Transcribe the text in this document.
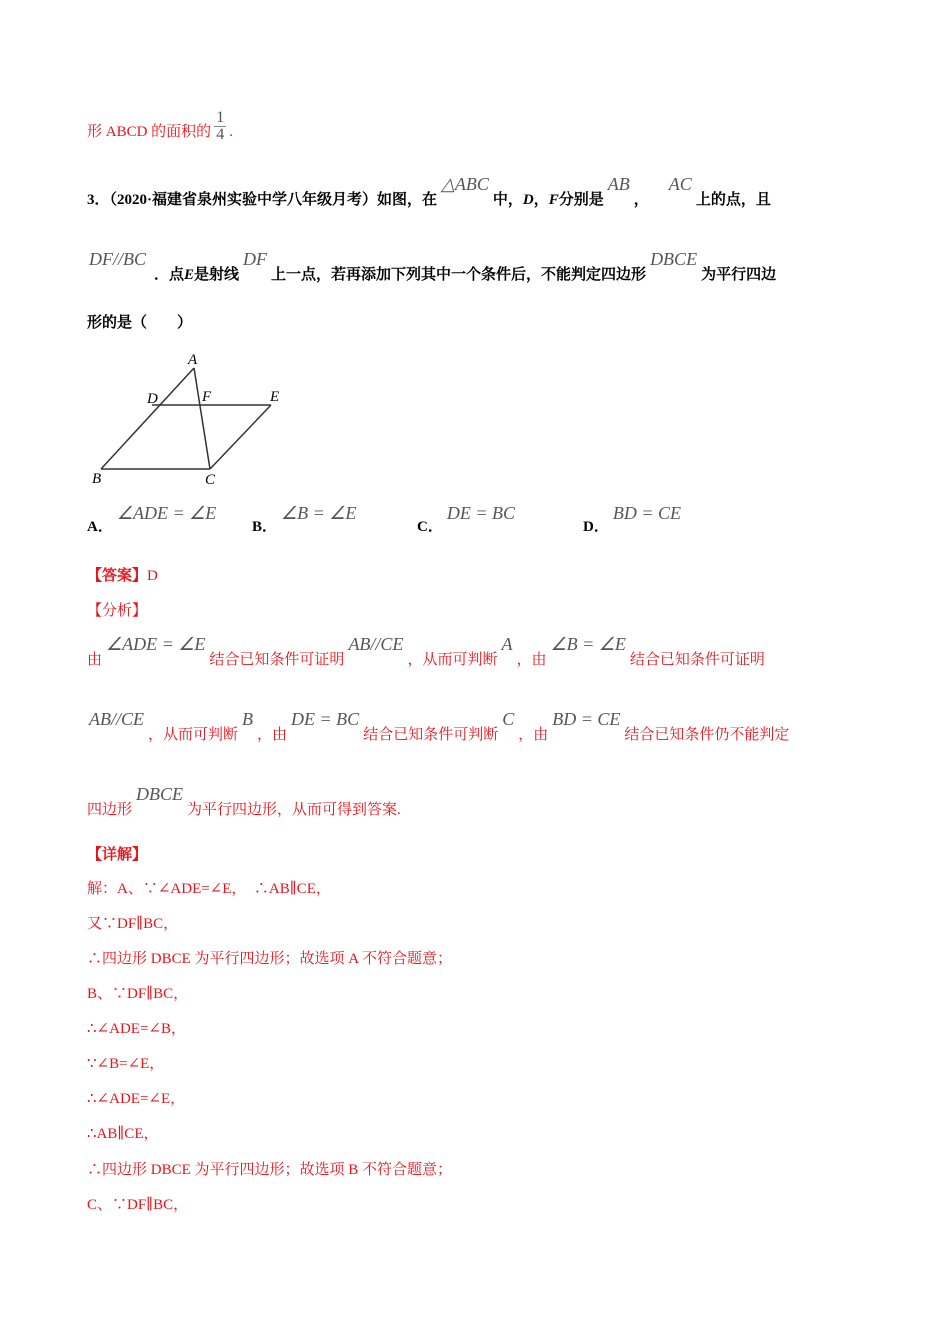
形 ABCD 的面积的 $\frac{1}{4}$ .
3．（2020·福建省泉州实验中学八年级月考）如图，在△ABC中，D，F分别是AB，AC上的点，且
DF//BC．点E是射线DF上一点，若再添加下列其中一个条件后，不能判定四边形DBCE为平行四边
形的是（　　）
A
D	F	E
B	C
A．∠ADE = ∠E
B．∠B = ∠E
C．DE = BC
D．BD = CE
【答案】D
【分析】
由∠ADE = ∠E结合已知条件可证明AB//CE，从而可判断A，由∠B = ∠E结合已知条件可证明
AB//CE，从而可判断B，由DE = BC结合已知条件可判断C，由BD = CE结合已知条件仍不能判定
四边形DBCE为平行四边形，从而可得到答案.
【详解】
解：A、∵∠ADE=∠E，　∴AB∥CE，
又∵DF∥BC，
∴四边形 DBCE 为平行四边形；故选项 A 不符合题意；
B、∵DF∥BC，
∴∠ADE=∠B，
∵∠B=∠E，
∴∠ADE=∠E，
∴AB∥CE，
∴四边形 DBCE 为平行四边形；故选项 B 不符合题意；
C、∵DF∥BC，
